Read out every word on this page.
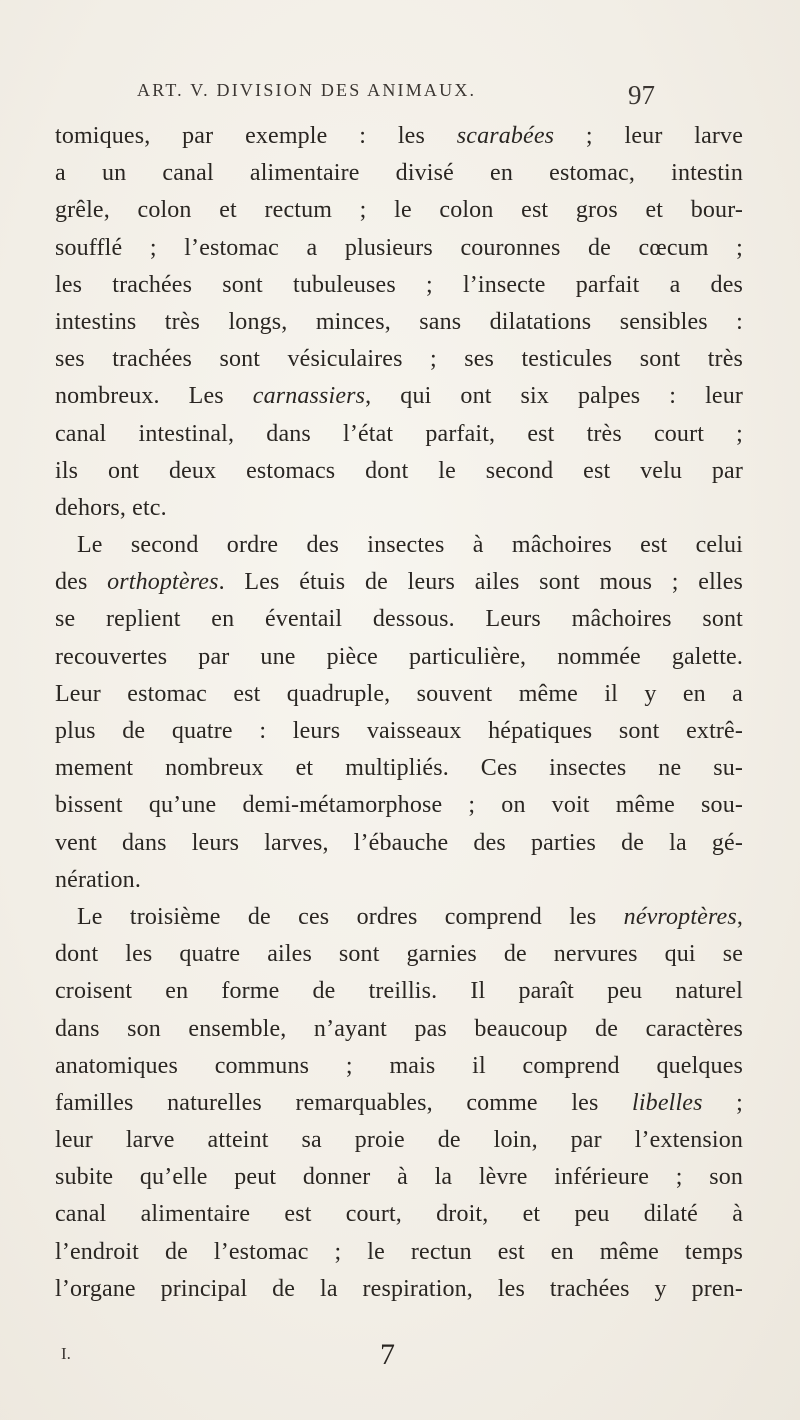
ART. V. DIVISION DES ANIMAUX.	97
tomiques, par exemple : les scarabées ; leur larve
a un canal alimentaire divisé en estomac, intestin
grêle, colon et rectum ; le colon est gros et bour-
soufflé ; l’estomac a plusieurs couronnes de cœcum ;
les trachées sont tubuleuses ; l’insecte parfait a des
intestins très longs, minces, sans dilatations sensibles :
ses trachées sont vésiculaires ; ses testicules sont très
nombreux. Les carnassiers, qui ont six palpes : leur
canal intestinal, dans l’état parfait, est très court ;
ils ont deux estomacs dont le second est velu par
dehors, etc.
Le second ordre des insectes à mâchoires est celui
des orthoptères. Les étuis de leurs ailes sont mous ; elles
se replient en éventail dessous. Leurs mâchoires sont
recouvertes par une pièce particulière, nommée galette.
Leur estomac est quadruple, souvent même il y en a
plus de quatre : leurs vaisseaux hépatiques sont extrê-
mement nombreux et multipliés. Ces insectes ne su-
bissent qu’une demi-métamorphose ; on voit même sou-
vent dans leurs larves, l’ébauche des parties de la gé-
nération.
Le troisième de ces ordres comprend les névroptères,
dont les quatre ailes sont garnies de nervures qui se
croisent en forme de treillis. Il paraît peu naturel
dans son ensemble, n’ayant pas beaucoup de caractères
anatomiques communs ; mais il comprend quelques
familles naturelles remarquables, comme les libelles ;
leur larve atteint sa proie de loin, par l’extension
subite qu’elle peut donner à la lèvre inférieure ; son
canal alimentaire est court, droit, et peu dilaté à
l’endroit de l’estomac ; le rectun est en même temps
l’organe principal de la respiration, les trachées y pren-
I.	7
